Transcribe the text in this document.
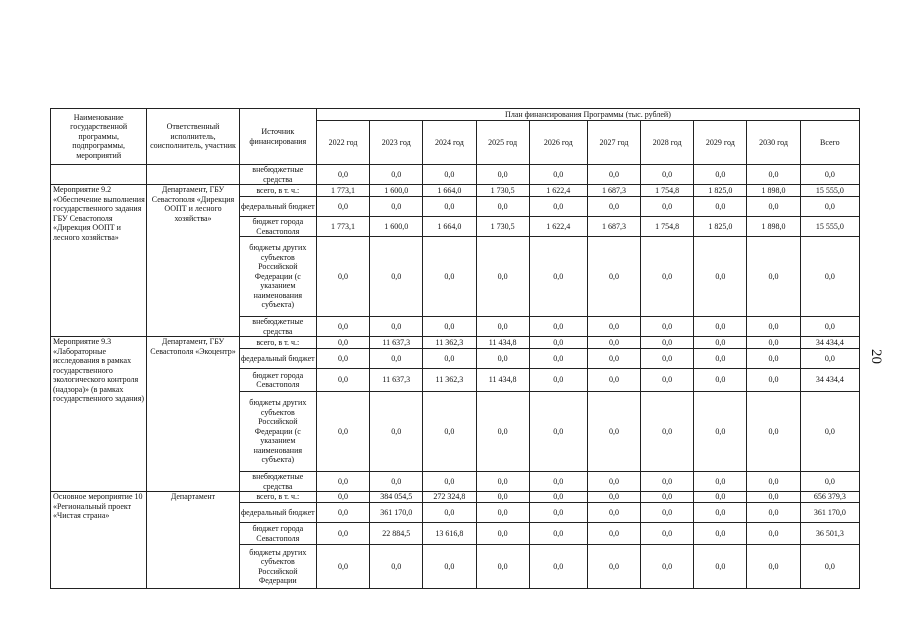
20
Наименование государственной программы, подпрограммы, мероприятий	Ответственный исполнитель, соисполнитель, участник	Источник финансирования	План финансирования Программы (тыс. рублей)									
			2022 год	2023 год	2024 год	2025 год	2026 год	2027 год	2028 год	2029 год	2030 год	Всего
		внебюджетные средства	0,0	0,0	0,0	0,0	0,0	0,0	0,0	0,0	0,0	0,0
Мероприятие 9.2 «Обеспечение выполнения государственного задания ГБУ Севастополя «Дирекция ООПТ и лесного хозяйства»	Департамент, ГБУ Севастополя «Дирекция ООПТ и лесного хозяйства»	всего, в т. ч.:	1 773,1	1 600,0	1 664,0	1 730,5	1 622,4	1 687,3	1 754,8	1 825,0	1 898,0	15 555,0
		федеральный бюджет	0,0	0,0	0,0	0,0	0,0	0,0	0,0	0,0	0,0	0,0
		бюджет города Севастополя	1 773,1	1 600,0	1 664,0	1 730,5	1 622,4	1 687,3	1 754,8	1 825,0	1 898,0	15 555,0
		бюджеты других субъектов Российской Федерации (с указанием наименования субъекта)	0,0	0,0	0,0	0,0	0,0	0,0	0,0	0,0	0,0	0,0
		внебюджетные средства	0,0	0,0	0,0	0,0	0,0	0,0	0,0	0,0	0,0	0,0
Мероприятие 9.3 «Лабораторные исследования в рамках государственного экологического контроля (надзора)» (в рамках государственного задания)	Департамент, ГБУ Севастополя «Экоцентр»	всего, в т. ч.:	0,0	11 637,3	11 362,3	11 434,8	0,0	0,0	0,0	0,0	0,0	34 434,4
		федеральный бюджет	0,0	0,0	0,0	0,0	0,0	0,0	0,0	0,0	0,0	0,0
		бюджет города Севастополя	0,0	11 637,3	11 362,3	11 434,8	0,0	0,0	0,0	0,0	0,0	34 434,4
		бюджеты других субъектов Российской Федерации (с указанием наименования субъекта)	0,0	0,0	0,0	0,0	0,0	0,0	0,0	0,0	0,0	0,0
		внебюджетные средства	0,0	0,0	0,0	0,0	0,0	0,0	0,0	0,0	0,0	0,0
Основное мероприятие 10 «Региональный проект «Чистая страна»	Департамент	всего, в т. ч.:	0,0	384 054,5	272 324,8	0,0	0,0	0,0	0,0	0,0	0,0	656 379,3
		федеральный бюджет	0,0	361 170,0	0,0	0,0	0,0	0,0	0,0	0,0	0,0	361 170,0
		бюджет города Севастополя	0,0	22 884,5	13 616,8	0,0	0,0	0,0	0,0	0,0	0,0	36 501,3
		бюджеты других субъектов Российской Федерации	0,0	0,0	0,0	0,0	0,0	0,0	0,0	0,0	0,0	0,0
